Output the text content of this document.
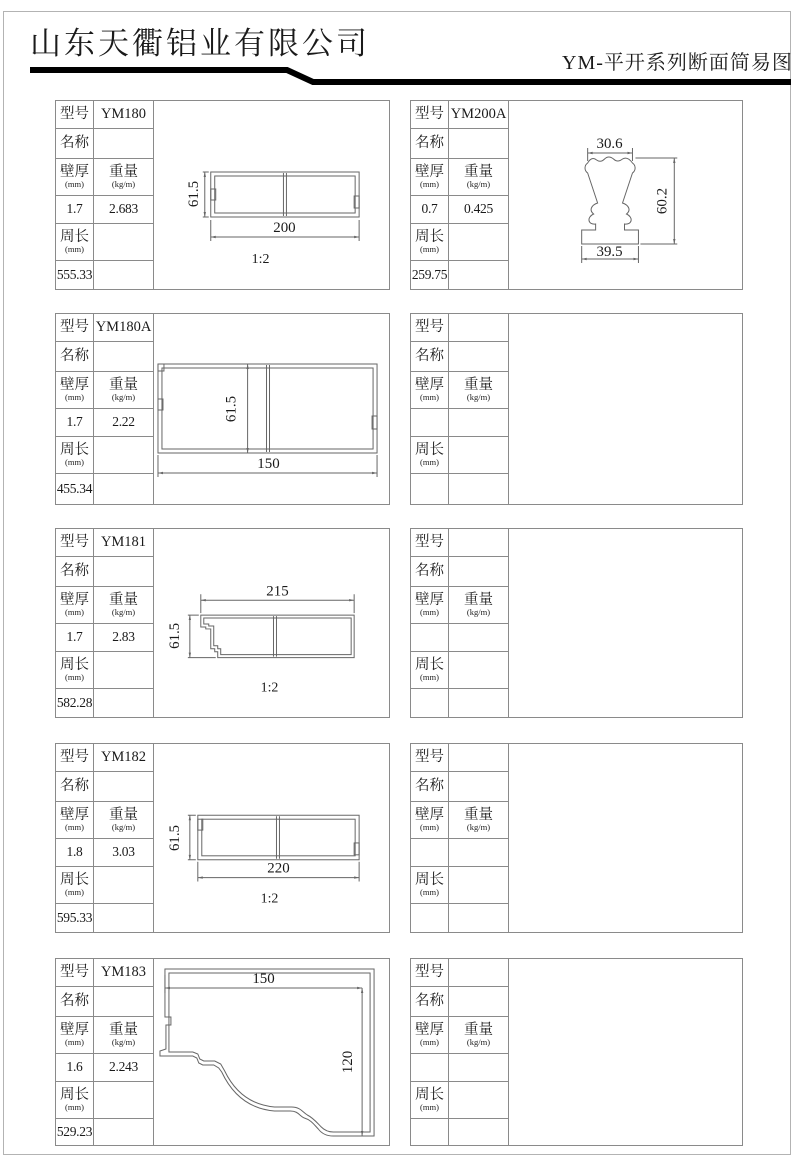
山东天衢铝业有限公司
YM-平开系列断面简易图
型号 YM180
名称
壁厚
(mm)
重量
(kg/m)
1.7	2.683
周长
(mm)
555.33
61.5
200
1:2
型号 YM200A
名称
壁厚
(mm)
重量
(kg/m)
0.7	0.425
周长
(mm)
259.75
30.6
39.5
60.2
型号 YM180A
名称
壁厚
(mm)
重量
(kg/m)
1.7	2.22
周长
(mm)
455.34
61.5
150
型号
名称
壁厚
(mm)
重量
(kg/m)
周长
(mm)
型号 YM181
名称
壁厚
(mm)
重量
(kg/m)
1.7	2.83
周长
(mm)
582.28
215
61.5
1:2
型号
名称
壁厚
(mm)
重量
(kg/m)
周长
(mm)
型号 YM182
名称
壁厚
(mm)
重量
(kg/m)
1.8	3.03
周长
(mm)
595.33
61.5
220
1:2
型号
名称
壁厚
(mm)
重量
(kg/m)
周长
(mm)
型号 YM183
名称
壁厚
(mm)
重量
(kg/m)
1.6	2.243
周长
(mm)
529.23
150
120
型号
名称
壁厚
(mm)
重量
(kg/m)
周长
(mm)
